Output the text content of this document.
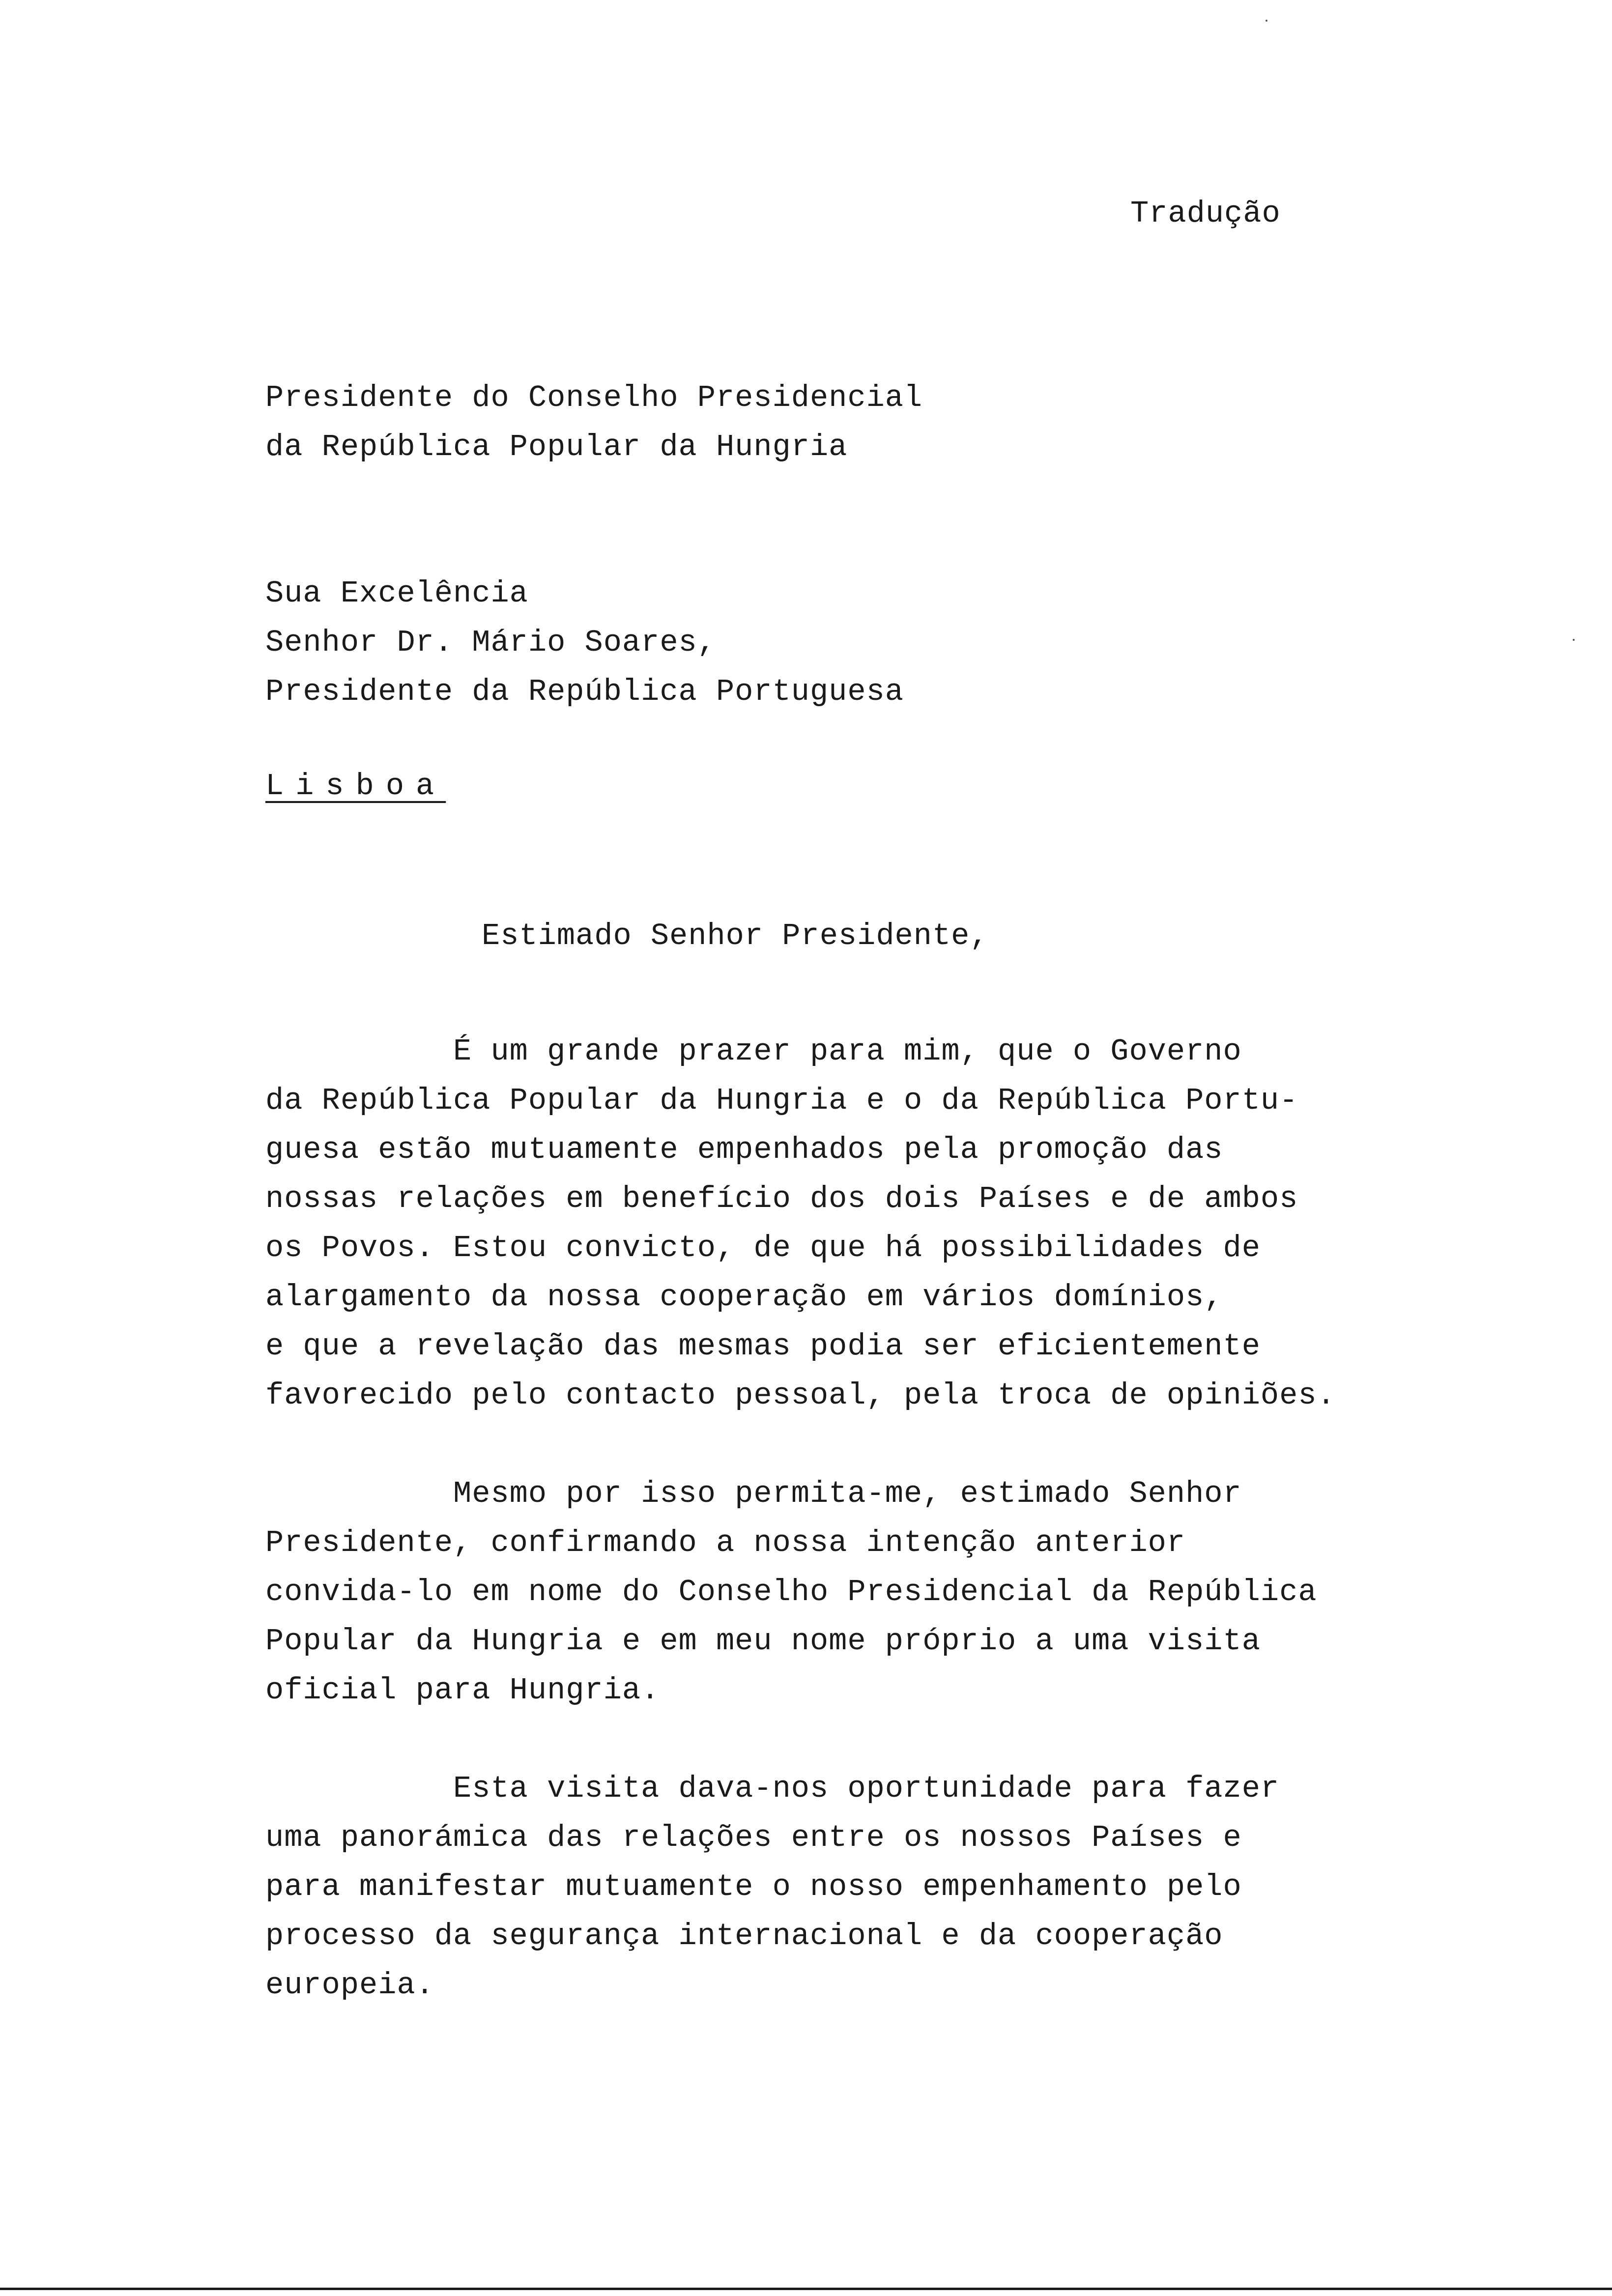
Tradução
Presidente do Conselho Presidencial
da República Popular da Hungria
Sua Excelência
Senhor Dr. Mário Soares,
Presidente da República Portuguesa
Lisboa
Estimado Senhor Presidente,

É um grande prazer para mim, que o Governo

da República Popular da Hungria e o da República Portu-

guesa estão mutuamente empenhados pela promoção das

nossas relações em benefício dos dois Países e de ambos

os Povos. Estou convicto, de que há possibilidades de

alargamento da nossa cooperação em vários domínios,

e que a revelação das mesmas podia ser eficientemente

favorecido pelo contacto pessoal, pela troca de opiniões.

Mesmo por isso permita-me, estimado Senhor

Presidente, confirmando a nossa intenção anterior

convida-lo em nome do Conselho Presidencial da República

Popular da Hungria e em meu nome próprio a uma visita

oficial para Hungria.

Esta visita dava-nos oportunidade para fazer

uma panorámica das relações entre os nossos Países e

para manifestar mutuamente o nosso empenhamento pelo

processo da segurança internacional e da cooperação

europeia.
